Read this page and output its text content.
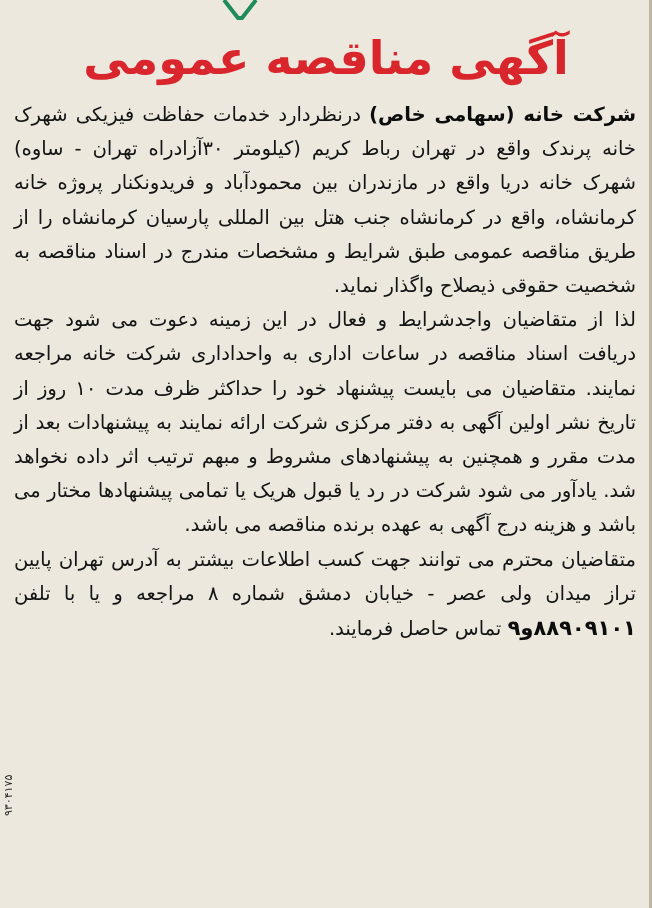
آگهی مناقصه عمومی

شرکت خانه (سهامی خاص) درنظردارد خدمات حفاظت فیزیکی شهرک خانه پرندک واقع در تهران رباط کریم (کیلومتر ۳۰آزادراه تهران - ساوه) شهرک خانه دریا واقع در مازندران بین محمودآباد و فریدونکنار پروژه خانه کرمانشاه، واقع در کرمانشاه جنب هتل بین المللی پارسیان کرمانشاه را از طریق مناقصه عمومی طبق شرایط و مشخصات مندرج در اسناد مناقصه به شخصیت حقوقی ذیصلاح واگذار نماید.
لذا از متقاضیان واجدشرایط و فعال در این زمینه دعوت می شود جهت دریافت اسناد مناقصه در ساعات اداری به واحداداری شرکت خانه مراجعه نمایند. متقاضیان می بایست پیشنهاد خود را حداکثر ظرف مدت ۱۰ روز از تاریخ نشر اولین آگهی به دفتر مرکزی شرکت ارائه نمایند به پیشنهادات بعد از مدت مقرر و همچنین به پیشنهادهای مشروط و مبهم ترتیب اثر داده نخواهد شد. یادآور می شود شرکت در رد یا قبول هریک یا تمامی پیشنهادها مختار می باشد و هزینه درج آگهی به عهده برنده مناقصه می باشد.
متقاضیان محترم می توانند جهت کسب اطلاعات بیشتر به آدرس تهران پایین تراز میدان ولی عصر - خیابان دمشق شماره ۸ مراجعه و یا با تلفن ۸۸۹۰۹۱۰۱و۹ تماس حاصل فرمایند.

۹۳۰۴۱۷۵
